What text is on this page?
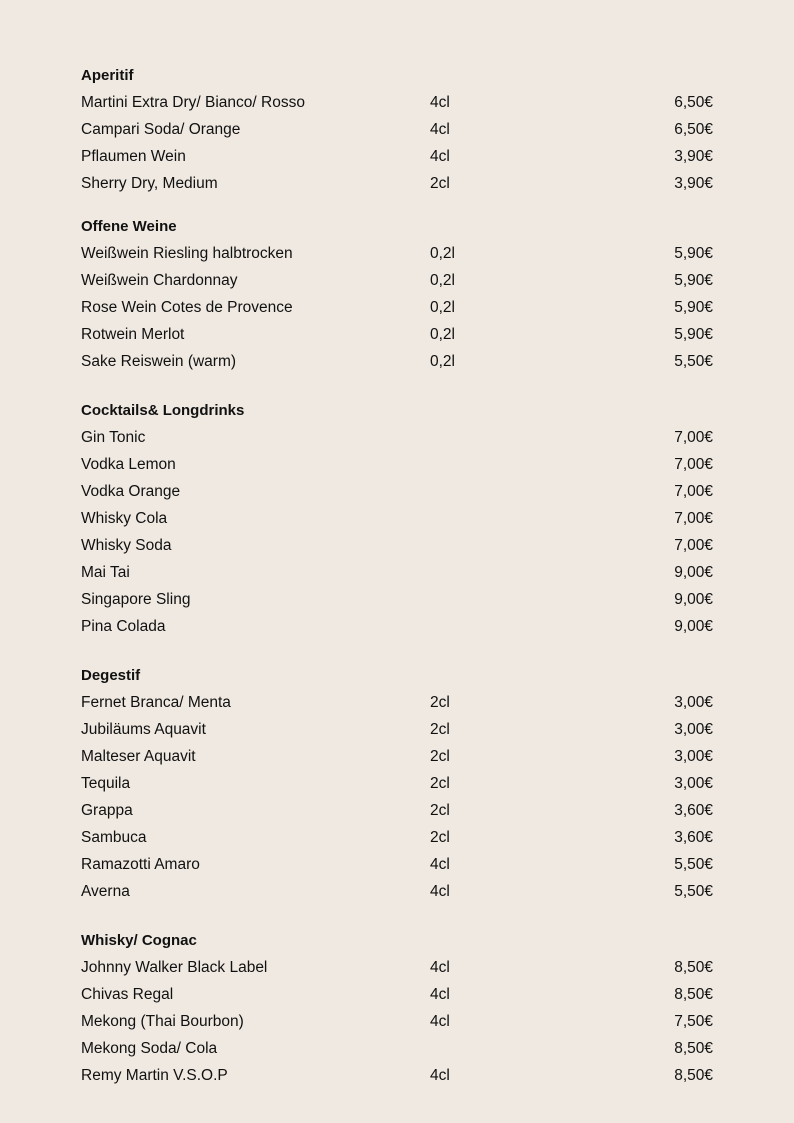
Aperitif
Martini Extra Dry/ Bianco/ Rosso	4cl	6,50€
Campari Soda/ Orange	4cl	6,50€
Pflaumen Wein	4cl	3,90€
Sherry Dry, Medium	2cl	3,90€
Offene Weine
Weißwein Riesling halbtrocken	0,2l	5,90€
Weißwein Chardonnay	0,2l	5,90€
Rose Wein Cotes de Provence	0,2l	5,90€
Rotwein Merlot	0,2l	5,90€
Sake Reiswein (warm)	0,2l	5,50€
Cocktails& Longdrinks
Gin Tonic	7,00€
Vodka Lemon	7,00€
Vodka Orange	7,00€
Whisky Cola	7,00€
Whisky Soda	7,00€
Mai Tai	9,00€
Singapore Sling	9,00€
Pina Colada	9,00€
Degestif
Fernet Branca/ Menta	2cl	3,00€
Jubiläums Aquavit	2cl	3,00€
Malteser Aquavit	2cl	3,00€
Tequila	2cl	3,00€
Grappa	2cl	3,60€
Sambuca	2cl	3,60€
Ramazotti Amaro	4cl	5,50€
Averna	4cl	5,50€
Whisky/ Cognac
Johnny Walker Black Label	4cl	8,50€
Chivas Regal	4cl	8,50€
Mekong (Thai Bourbon)	4cl	7,50€
Mekong Soda/ Cola	8,50€
Remy Martin V.S.O.P	4cl	8,50€
